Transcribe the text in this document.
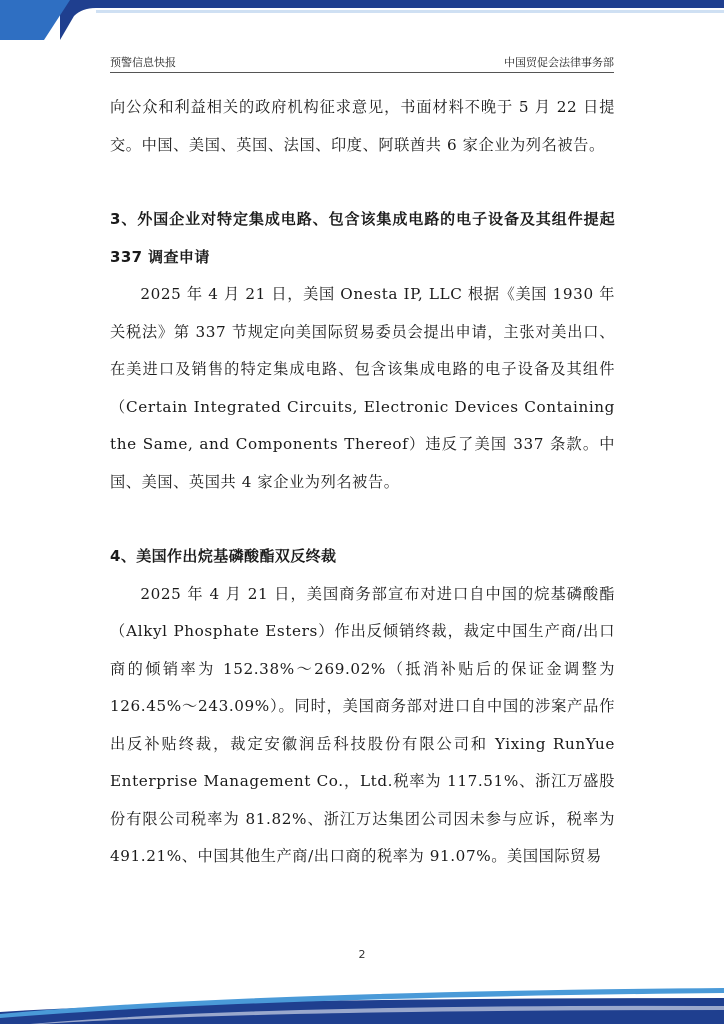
预警信息快报	中国贸促会法律事务部

向公众和利益相关的政府机构征求意见，书面材料不晚于 5 月 22 日提交。中国、美国、英国、法国、印度、阿联酋共 6 家企业为列名被告。

3、外国企业对特定集成电路、包含该集成电路的电子设备及其组件提起 337 调查申请

2025 年 4 月 21 日，美国 Onesta IP, LLC 根据《美国 1930 年关税法》第 337 节规定向美国际贸易委员会提出申请，主张对美出口、在美进口及销售的特定集成电路、包含该集成电路的电子设备及其组件（Certain Integrated Circuits, Electronic Devices Containing the Same, and Components Thereof）违反了美国 337 条款。中国、美国、英国共 4 家企业为列名被告。

4、美国作出烷基磷酸酯双反终裁

2025 年 4 月 21 日，美国商务部宣布对进口自中国的烷基磷酸酯（Alkyl Phosphate Esters）作出反倾销终裁，裁定中国生产商/出口商的倾销率为 152.38%～269.02%（抵消补贴后的保证金调整为 126.45%～243.09%）。同时，美国商务部对进口自中国的涉案产品作出反补贴终裁，裁定安徽润岳科技股份有限公司和 Yixing RunYue Enterprise Management Co.，Ltd.税率为 117.51%、浙江万盛股份有限公司税率为 81.82%、浙江万达集团公司因未参与应诉，税率为 491.21%、中国其他生产商/出口商的税率为 91.07%。美国国际贸易

2
